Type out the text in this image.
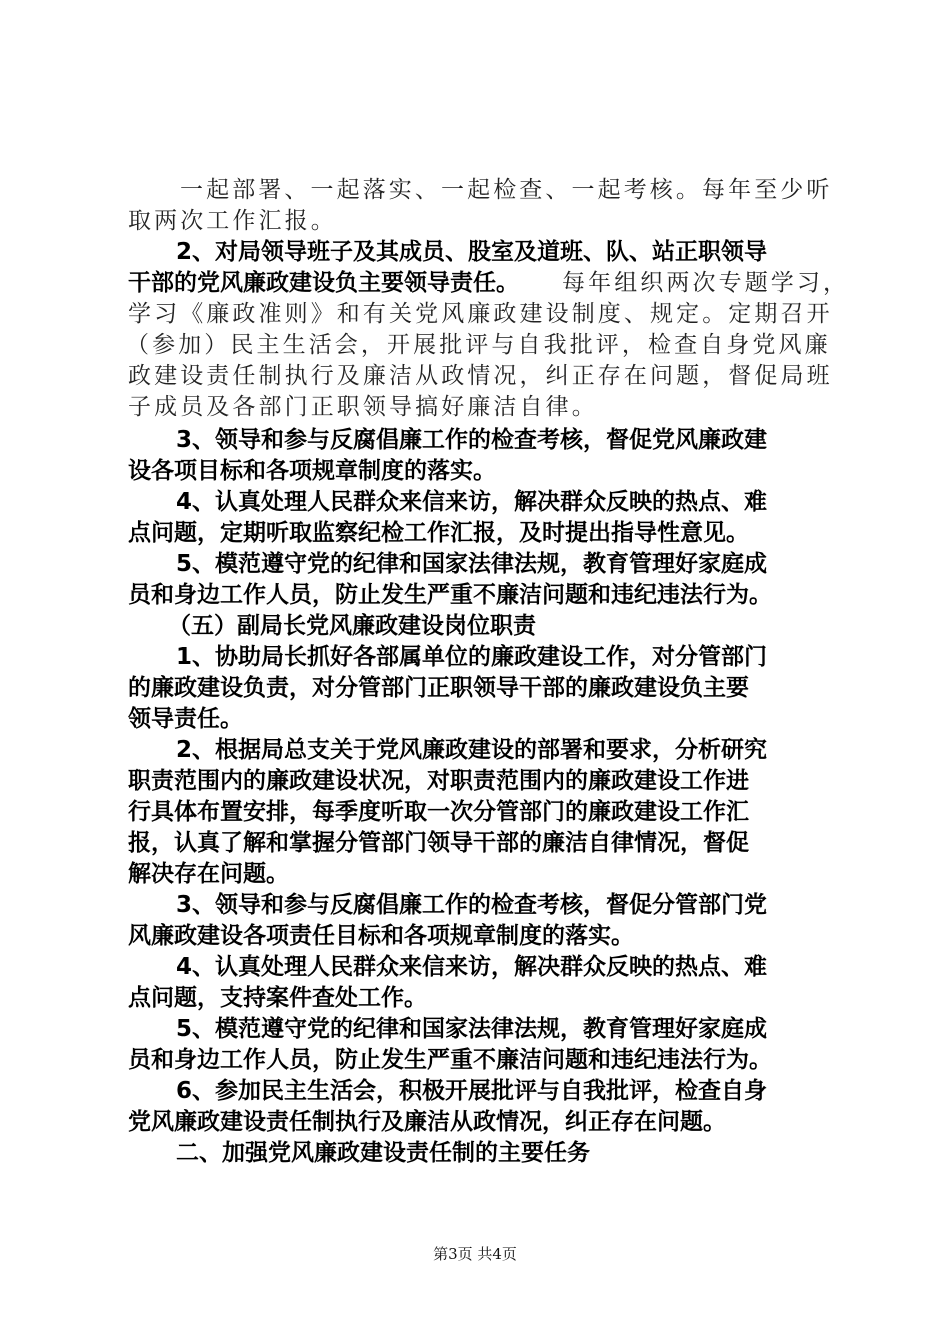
一起部署、一起落实、一起检查、一起考核。每年至少听
取两次工作汇报。
2、对局领导班子及其成员、股室及道班、队、站正职领导
干部的党风廉政建设负主要领导责任。 每年组织两次专题学习，
学习《廉政准则》和有关党风廉政建设制度、规定。定期召开
（参加）民主生活会，开展批评与自我批评，检查自身党风廉
政建设责任制执行及廉洁从政情况，纠正存在问题，督促局班
子成员及各部门正职领导搞好廉洁自律。
3、领导和参与反腐倡廉工作的检查考核，督促党风廉政建
设各项目标和各项规章制度的落实。
4、认真处理人民群众来信来访，解决群众反映的热点、难
点问题，定期听取监察纪检工作汇报，及时提出指导性意见。
5、模范遵守党的纪律和国家法律法规，教育管理好家庭成
员和身边工作人员，防止发生严重不廉洁问题和违纪违法行为。
（五）副局长党风廉政建设岗位职责
1、协助局长抓好各部属单位的廉政建设工作，对分管部门
的廉政建设负责，对分管部门正职领导干部的廉政建设负主要
领导责任。
2、根据局总支关于党风廉政建设的部署和要求，分析研究
职责范围内的廉政建设状况，对职责范围内的廉政建设工作进
行具体布置安排，每季度听取一次分管部门的廉政建设工作汇
报，认真了解和掌握分管部门领导干部的廉洁自律情况，督促
解决存在问题。
3、领导和参与反腐倡廉工作的检查考核，督促分管部门党
风廉政建设各项责任目标和各项规章制度的落实。
4、认真处理人民群众来信来访，解决群众反映的热点、难
点问题，支持案件查处工作。
5、模范遵守党的纪律和国家法律法规，教育管理好家庭成
员和身边工作人员，防止发生严重不廉洁问题和违纪违法行为。
6、参加民主生活会，积极开展批评与自我批评，检查自身
党风廉政建设责任制执行及廉洁从政情况，纠正存在问题。
二、加强党风廉政建设责任制的主要任务
第3页 共4页
